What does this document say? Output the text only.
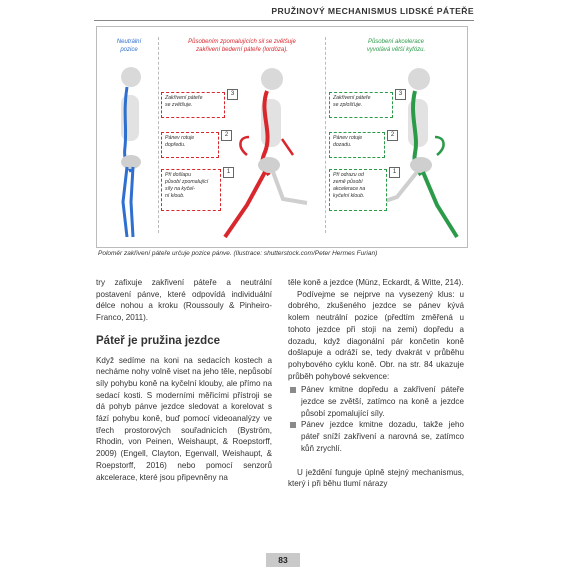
PRUŽINOVÝ MECHANISMUS LIDSKÉ PÁTEŘE
Neutrální
pozice
Působením zpomalujících sil se zvětšuje
zakřivení bederní páteře (lordóza).
Působení akcelerace
vyvolává větší kyfózu.
Zakřivení páteře
se zvětšuje.
3
Pánev rotuje
dopředu.
2
Při došlapu
působí zpomalující
síly na kyčel-
ní kloub.
1
Zakřivení páteře
se zplošťuje.
3
Pánev rotuje
dozadu.
2
Při odrazu od
země působí
akcelerace na
kyčelní kloub.
1
Poloměr zakřivení páteře určuje pozice pánve. (Ilustrace: shutterstock.com/Peter Hermes Furian)

try zafixuje zakřivení páteře a neutrální postavení pánve, které odpovídá individuální délce nohou a kroku (Roussouly & Pinheiro-Franco, 2011).

Páteř je pružina jezdce

Když sedíme na koni na sedacích kostech a necháme nohy volně viset na jeho těle, nepůsobí síly pohybu koně na kyčelní klouby, ale přímo na sedací kosti. S moderními měřicími přístroji se dá pohyb pánve jezdce sledovat a korelovat s fází pohybu koně, buď pomocí videoanalýzy ve třech prostorových souřadnicích (Byström, Rhodin, von Peinen, Weishaupt, & Roepstorff, 2009) (Engell, Clayton, Egenvall, Weishaupt, & Roepstorff, 2016) nebo pomocí senzorů akcelerace, které jsou připevněny na

těle koně a jezdce (Münz, Eckardt, & Witte, 214).

Podívejme se nejprve na vysezený klus: u dobrého, zkušeného jezdce se pánev kývá kolem neutrální pozice (předtím změřená u tohoto jezdce při stoji na zemi) dopředu a dozadu, když diagonální pár končetin koně došlapuje a odráží se, tedy dvakrát v průběhu pohybového cyklu koně. Obr. na str. 84 ukazuje průběh pohybové sekvence:

Pánev kmitne dopředu a zakřivení páteře jezdce se zvětší, zatímco na koně a jezdce působí zpomalující síly.
Pánev jezdce kmitne dozadu, takže jeho páteř sníží zakřivení a narovná se, zatímco kůň zrychlí.

U ježdění funguje úplně stejný mechanismus, který i při běhu tlumí nárazy

83
